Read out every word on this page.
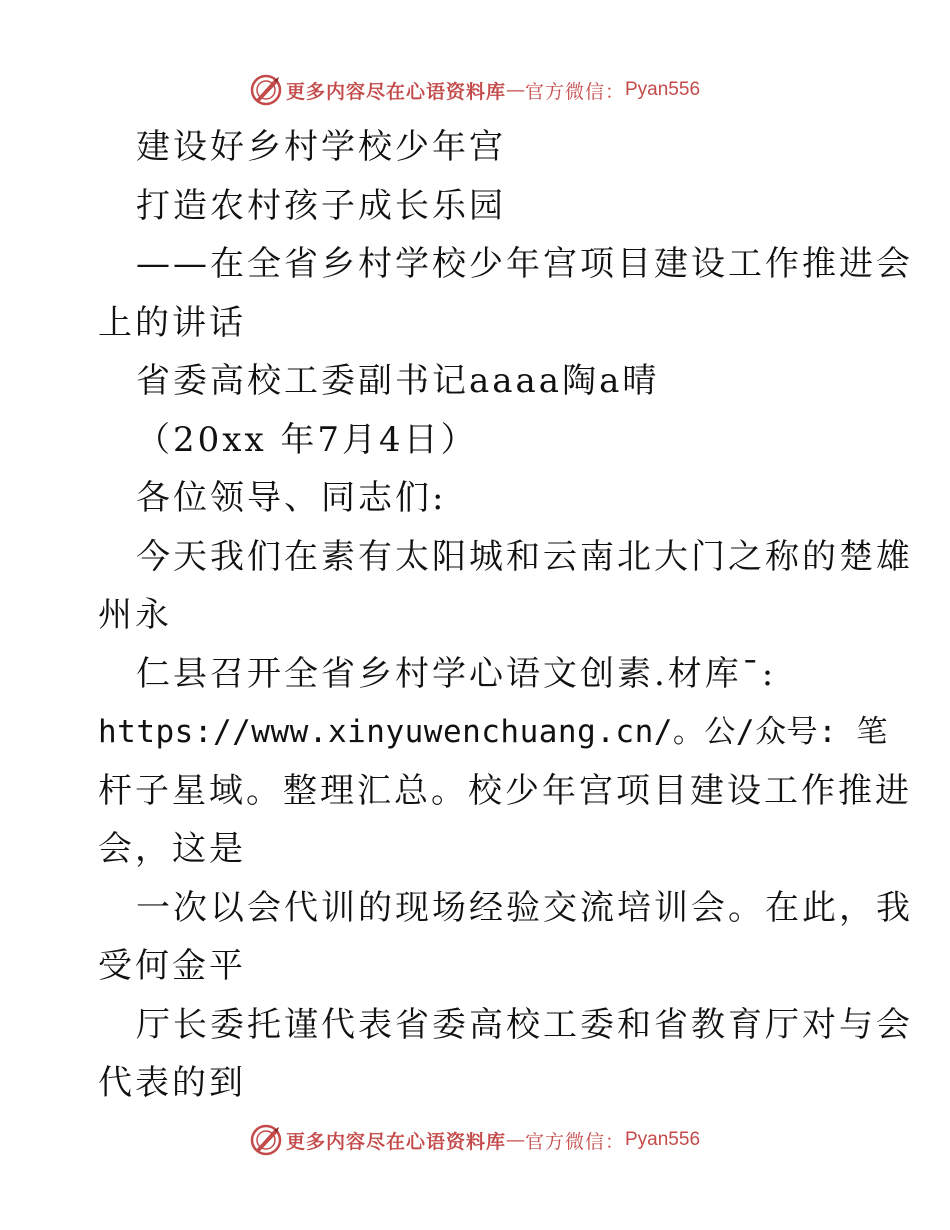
更多内容尽在心语资料库 — 官方微信： Pyan556
建设好乡村学校少年宫
打造农村孩子成长乐园
——在全省乡村学校少年宫项目建设工作推进会
上的讲话
省委高校工委副书记aaaa陶a晴
（20xx 年7月4日）
各位领导、同志们:
今天我们在素有太阳城和云南北大门之称的楚雄
州永
仁县召开全省乡村学心语文创素.材库¯:
https://www.xinyuwenchuang.cn/。公/众号: 笔
杆子星域。整理汇总。校少年宫项目建设工作推进
会，这是
一次以会代训的现场经验交流培训会。在此，我
受何金平
厅长委托谨代表省委高校工委和省教育厅对与会
代表的到
更多内容尽在心语资料库 — 官方微信： Pyan556
